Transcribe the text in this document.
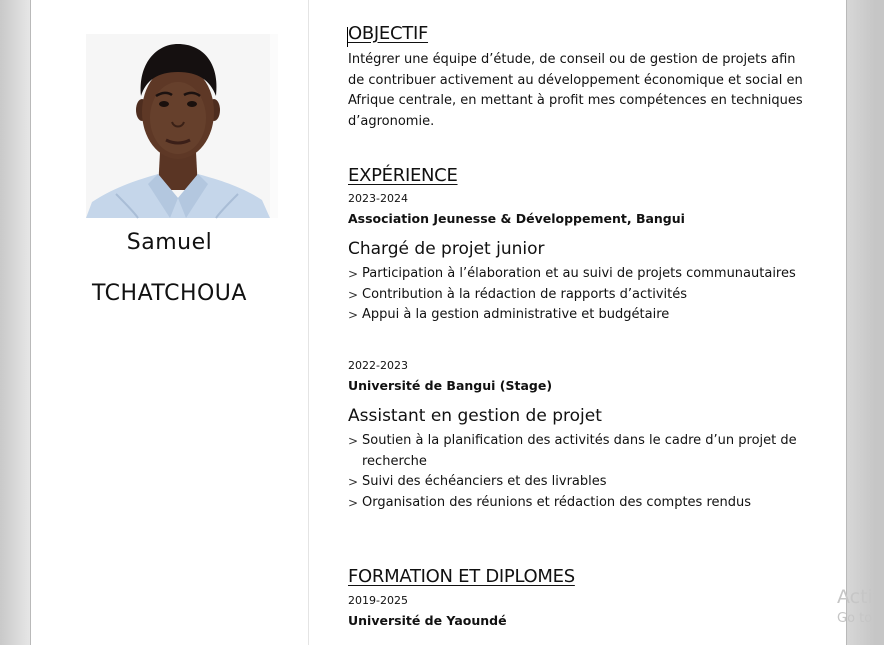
Samuel
TCHATCHOUA
OBJECTIF
Intégrer une équipe d’étude, de conseil ou de gestion de projets afin de contribuer activement au développement économique et social en Afrique centrale, en mettant à profit mes compétences en techniques d’agronomie.
EXPÉRIENCE
2023-2024
Association Jeunesse & Développement, Bangui
Chargé de projet junior
> Participation à l’élaboration et au suivi de projets communautaires
> Contribution à la rédaction de rapports d’activités
> Appui à la gestion administrative et budgétaire
2022-2023
Université de Bangui (Stage)
Assistant en gestion de projet
> Soutien à la planification des activités dans le cadre d’un projet de recherche
> Suivi des échéanciers et des livrables
> Organisation des réunions et rédaction des comptes rendus
FORMATION ET DIPLOMES
2019-2025
Université de Yaoundé
Activ
Go to
